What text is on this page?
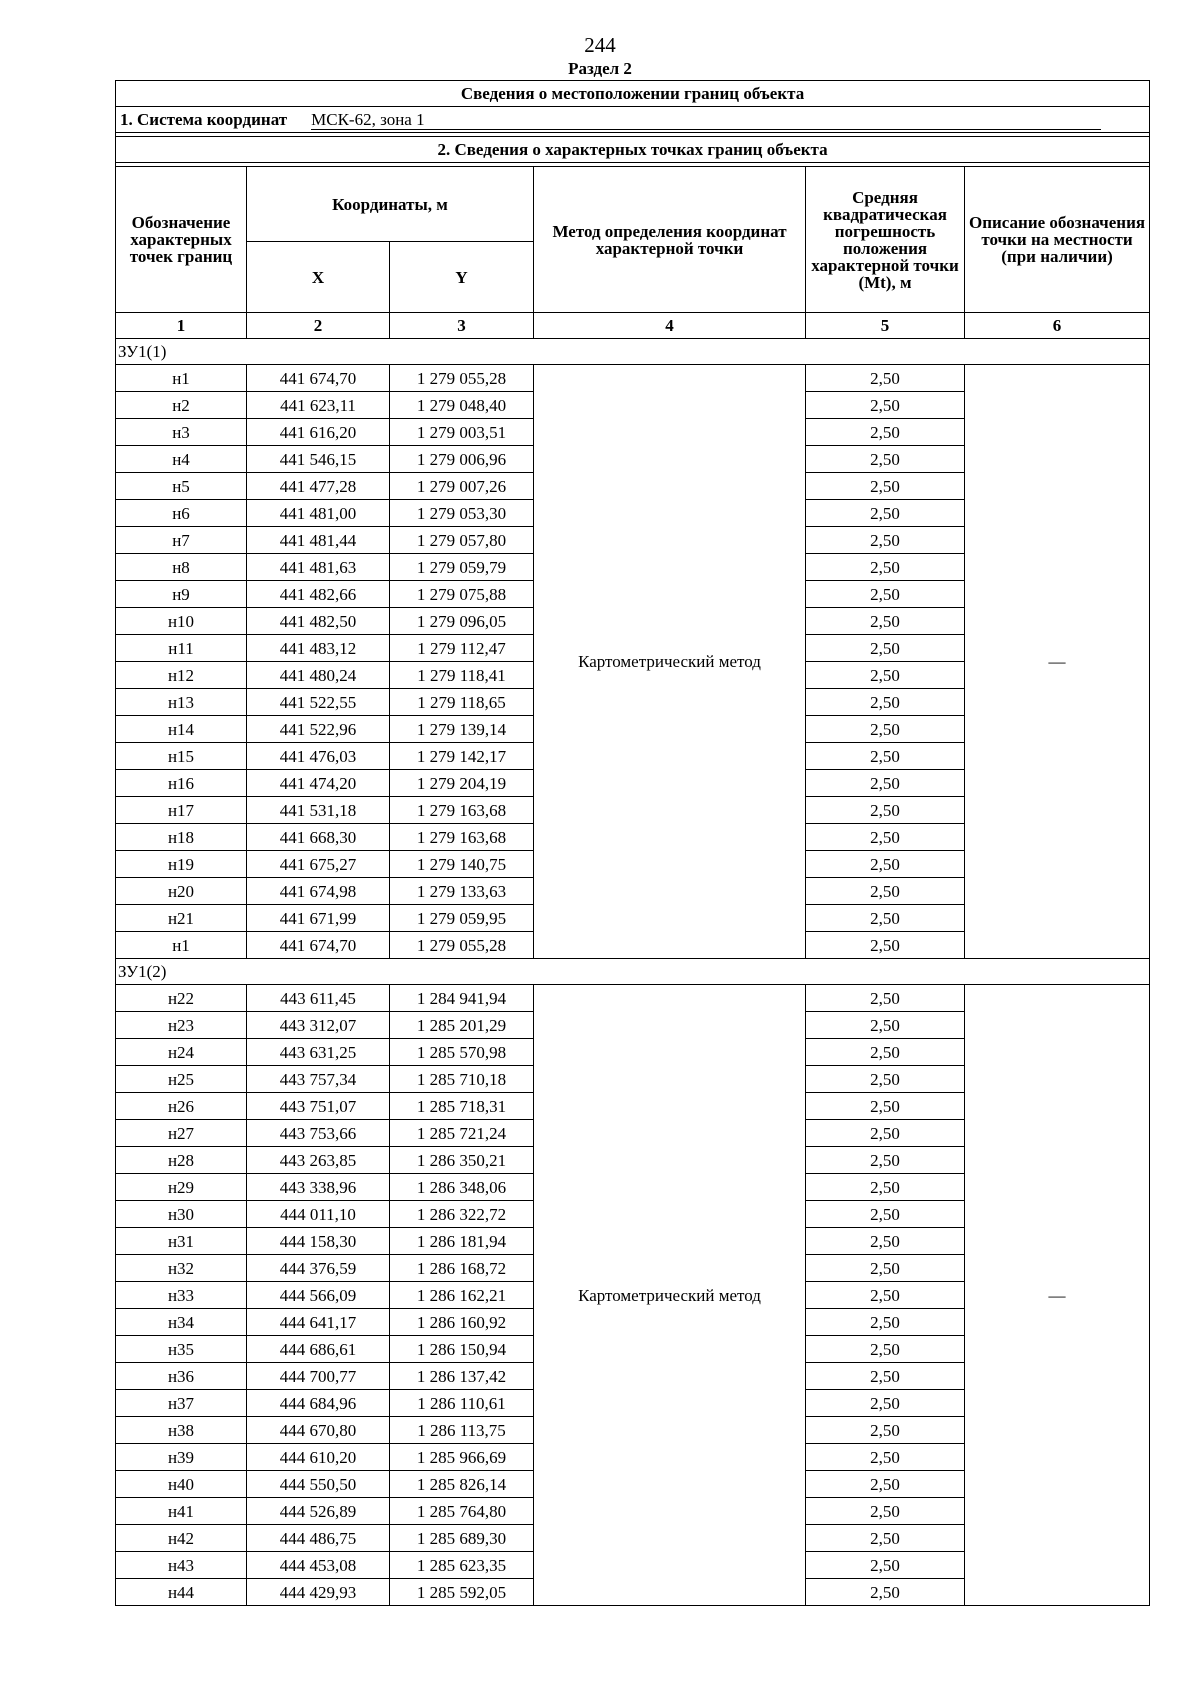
244
Раздел 2
Сведения о местоположении границ объекта					
1. Система координат МСК-62, зона 1					

2. Сведения о характерных точках границ объекта					

Обозначение характерных точек границ	Координаты, м		Метод определения координат характерной точки	Средняя квадратическая погрешность положения характерной точки (Mt), м	Описание обозначения точки на местности (при наличии)
	X	Y			
1	2	3	4	5	6
ЗУ1(1)					
н1	441 674,70	1 279 055,28	Картометрический метод	2,50	—
н2	441 623,11	1 279 048,40		2,50	
н3	441 616,20	1 279 003,51		2,50	
н4	441 546,15	1 279 006,96		2,50	
н5	441 477,28	1 279 007,26		2,50	
н6	441 481,00	1 279 053,30		2,50	
н7	441 481,44	1 279 057,80		2,50	
н8	441 481,63	1 279 059,79		2,50	
н9	441 482,66	1 279 075,88		2,50	
н10	441 482,50	1 279 096,05		2,50	
н11	441 483,12	1 279 112,47		2,50	
н12	441 480,24	1 279 118,41		2,50	
н13	441 522,55	1 279 118,65		2,50	
н14	441 522,96	1 279 139,14		2,50	
н15	441 476,03	1 279 142,17		2,50	
н16	441 474,20	1 279 204,19		2,50	
н17	441 531,18	1 279 163,68		2,50	
н18	441 668,30	1 279 163,68		2,50	
н19	441 675,27	1 279 140,75		2,50	
н20	441 674,98	1 279 133,63		2,50	
н21	441 671,99	1 279 059,95		2,50	
н1	441 674,70	1 279 055,28		2,50	
ЗУ1(2)					
н22	443 611,45	1 284 941,94	Картометрический метод	2,50	—
н23	443 312,07	1 285 201,29		2,50	
н24	443 631,25	1 285 570,98		2,50	
н25	443 757,34	1 285 710,18		2,50	
н26	443 751,07	1 285 718,31		2,50	
н27	443 753,66	1 285 721,24		2,50	
н28	443 263,85	1 286 350,21		2,50	
н29	443 338,96	1 286 348,06		2,50	
н30	444 011,10	1 286 322,72		2,50	
н31	444 158,30	1 286 181,94		2,50	
н32	444 376,59	1 286 168,72		2,50	
н33	444 566,09	1 286 162,21		2,50	
н34	444 641,17	1 286 160,92		2,50	
н35	444 686,61	1 286 150,94		2,50	
н36	444 700,77	1 286 137,42		2,50	
н37	444 684,96	1 286 110,61		2,50	
н38	444 670,80	1 286 113,75		2,50	
н39	444 610,20	1 285 966,69		2,50	
н40	444 550,50	1 285 826,14		2,50	
н41	444 526,89	1 285 764,80		2,50	
н42	444 486,75	1 285 689,30		2,50	
н43	444 453,08	1 285 623,35		2,50	
н44	444 429,93	1 285 592,05		2,50	
